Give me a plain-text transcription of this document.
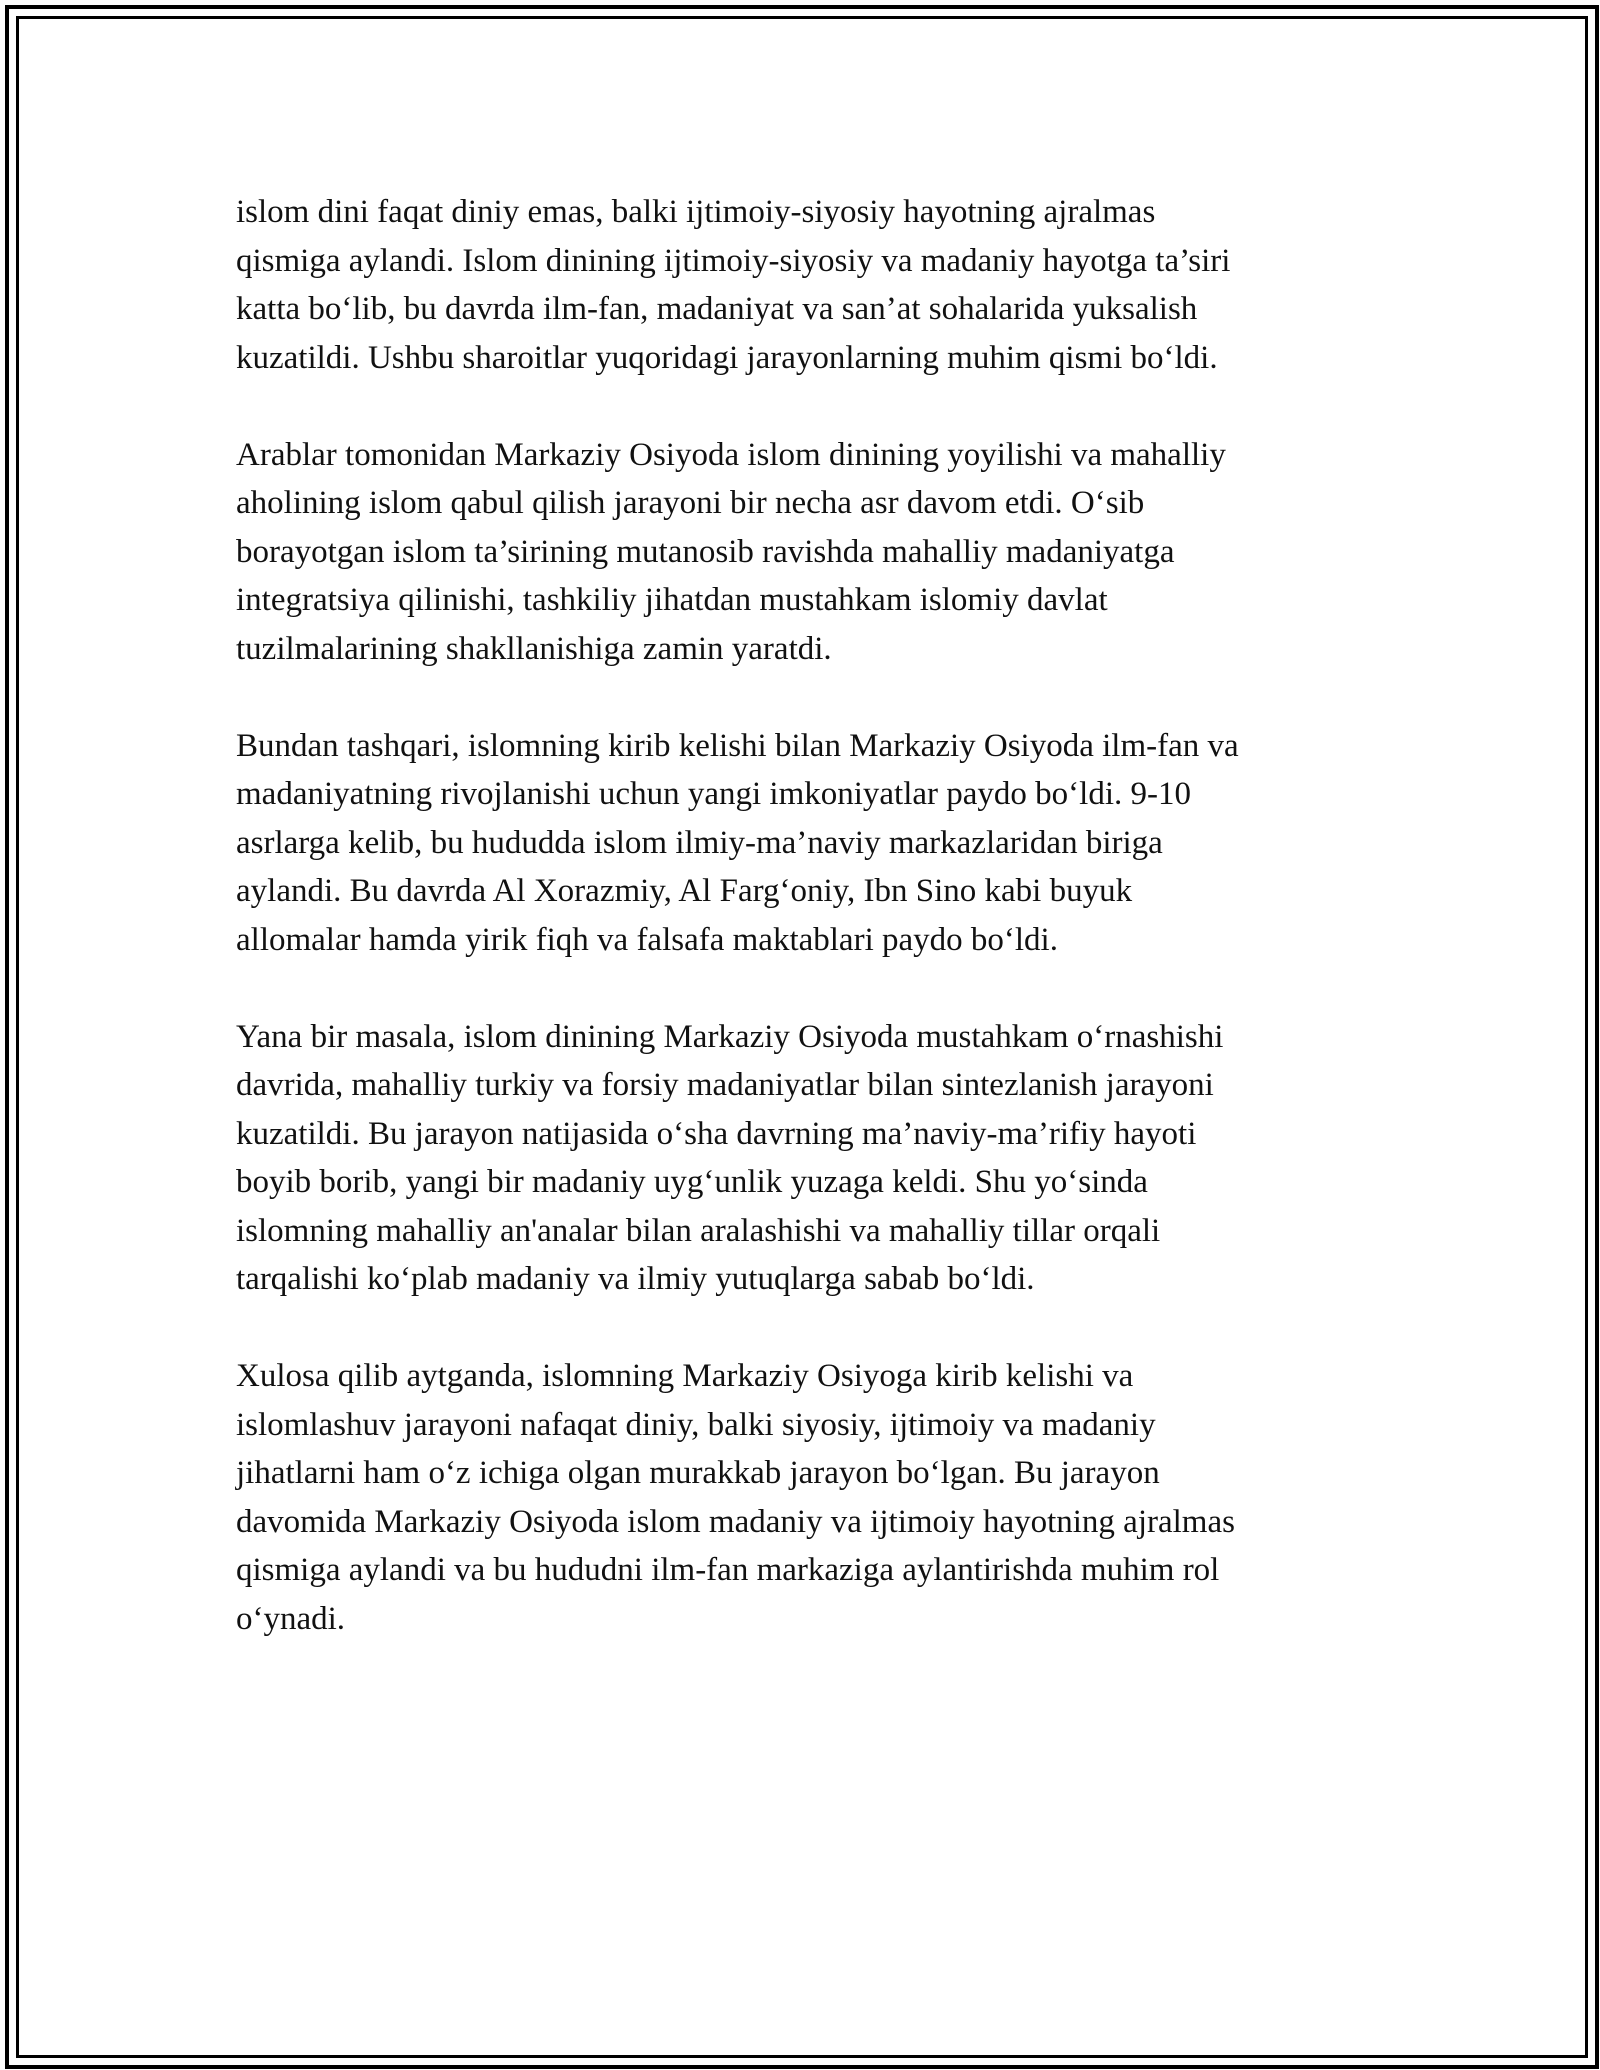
islom dini faqat diniy emas, balki ijtimoiy-siyosiy hayotning ajralmas
qismiga aylandi. Islom dinining ijtimoiy-siyosiy va madaniy hayotga ta’siri
katta bo‘lib, bu davrda ilm-fan, madaniyat va san’at sohalarida yuksalish
kuzatildi. Ushbu sharoitlar yuqoridagi jarayonlarning muhim qismi bo‘ldi.

Arablar tomonidan Markaziy Osiyoda islom dinining yoyilishi va mahalliy
aholining islom qabul qilish jarayoni bir necha asr davom etdi. O‘sib
borayotgan islom ta’sirining mutanosib ravishda mahalliy madaniyatga
integratsiya qilinishi, tashkiliy jihatdan mustahkam islomiy davlat
tuzilmalarining shakllanishiga zamin yaratdi.

Bundan tashqari, islomning kirib kelishi bilan Markaziy Osiyoda ilm-fan va
madaniyatning rivojlanishi uchun yangi imkoniyatlar paydo bo‘ldi. 9-10
asrlarga kelib, bu hududda islom ilmiy-ma’naviy markazlaridan biriga
aylandi. Bu davrda Al Xorazmiy, Al Farg‘oniy, Ibn Sino kabi buyuk
allomalar hamda yirik fiqh va falsafa maktablari paydo bo‘ldi.

Yana bir masala, islom dinining Markaziy Osiyoda mustahkam o‘rnashishi
davrida, mahalliy turkiy va forsiy madaniyatlar bilan sintezlanish jarayoni
kuzatildi. Bu jarayon natijasida o‘sha davrning ma’naviy-ma’rifiy hayoti
boyib borib, yangi bir madaniy uyg‘unlik yuzaga keldi. Shu yo‘sinda
islomning mahalliy an'analar bilan aralashishi va mahalliy tillar orqali
tarqalishi ko‘plab madaniy va ilmiy yutuqlarga sabab bo‘ldi.

Xulosa qilib aytganda, islomning Markaziy Osiyoga kirib kelishi va
islomlashuv jarayoni nafaqat diniy, balki siyosiy, ijtimoiy va madaniy
jihatlarni ham o‘z ichiga olgan murakkab jarayon bo‘lgan. Bu jarayon
davomida Markaziy Osiyoda islom madaniy va ijtimoiy hayotning ajralmas
qismiga aylandi va bu hududni ilm-fan markaziga aylantirishda muhim rol
o‘ynadi.
